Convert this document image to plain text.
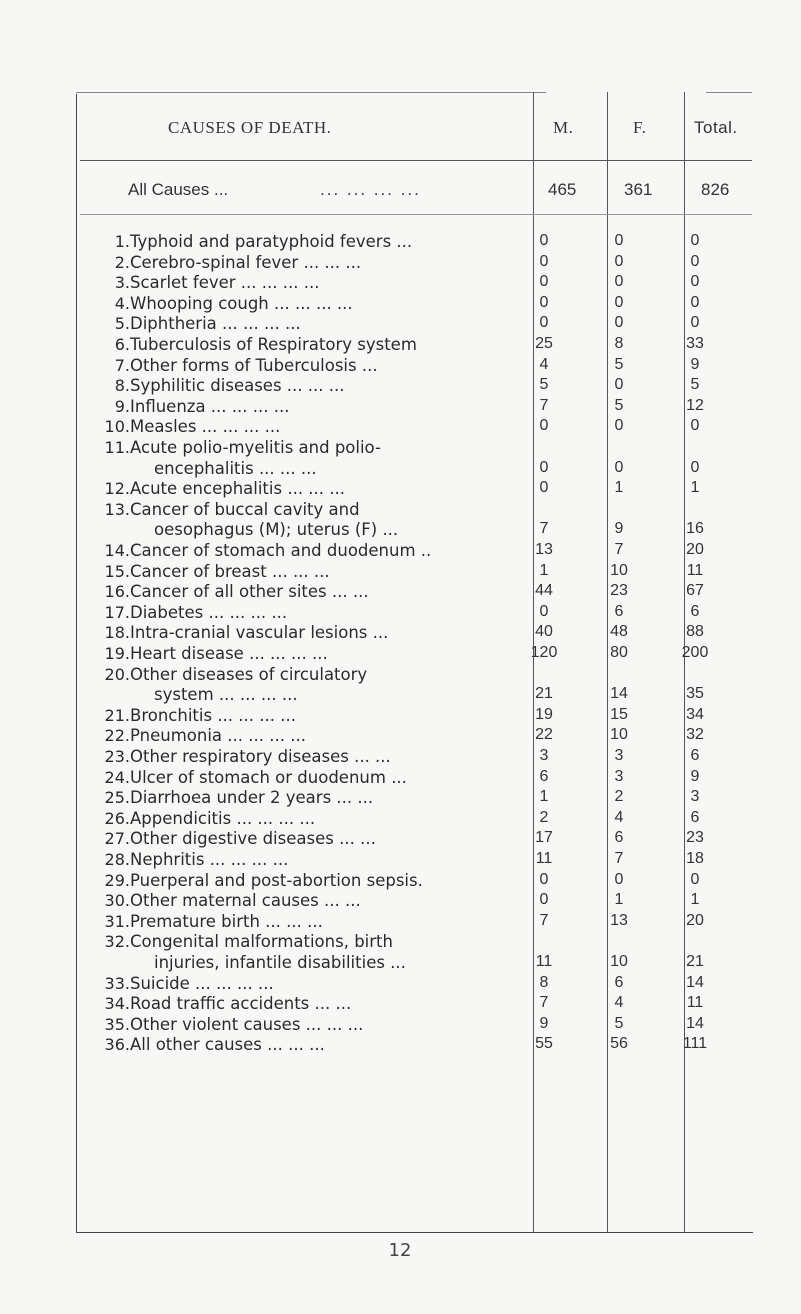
CAUSES OF DEATH.	M.	F.	Total.
All Causes ...	... ... ... ...	465	361	826
1. Typhoid and paratyphoid fevers ...	0	0	0
2. Cerebro-spinal fever ... ... ...	0	0	0
3. Scarlet fever ... ... ... ...	0	0	0
4. Whooping cough ... ... ... ...	0	0	0
5. Diphtheria ... ... ... ...	0	0	0
6. Tuberculosis of Respiratory system	25	8	33
7. Other forms of Tuberculosis ...	4	5	9
8. Syphilitic diseases ... ... ...	5	0	5
9. Influenza ... ... ... ...	7	5	12
10. Measles ... ... ... ...	0	0	0
11. Acute polio-myelitis and polio-
encephalitis ... ... ...	0	0	0
12. Acute encephalitis ... ... ...	0	1	1
13. Cancer of buccal cavity and
oesophagus (M); uterus (F) ...	7	9	16
14. Cancer of stomach and duodenum ..	13	7	20
15. Cancer of breast ... ... ...	1	10	11
16. Cancer of all other sites ... ...	44	23	67
17. Diabetes ... ... ... ...	0	6	6
18. Intra-cranial vascular lesions ...	40	48	88
19. Heart disease ... ... ... ...	120	80	200
20. Other diseases of circulatory
system ... ... ... ...	21	14	35
21. Bronchitis ... ... ... ...	19	15	34
22. Pneumonia ... ... ... ...	22	10	32
23. Other respiratory diseases ... ...	3	3	6
24. Ulcer of stomach or duodenum ...	6	3	9
25. Diarrhoea under 2 years ... ...	1	2	3
26. Appendicitis ... ... ... ...	2	4	6
27. Other digestive diseases ... ...	17	6	23
28. Nephritis ... ... ... ...	11	7	18
29. Puerperal and post-abortion sepsis.	0	0	0
30. Other maternal causes ... ...	0	1	1
31. Premature birth ... ... ...	7	13	20
32. Congenital malformations, birth
injuries, infantile disabilities ...	11	10	21
33. Suicide ... ... ... ...	8	6	14
34. Road traffic accidents ... ...	7	4	11
35. Other violent causes ... ... ...	9	5	14
36. All other causes ... ... ...	55	56	111
12
